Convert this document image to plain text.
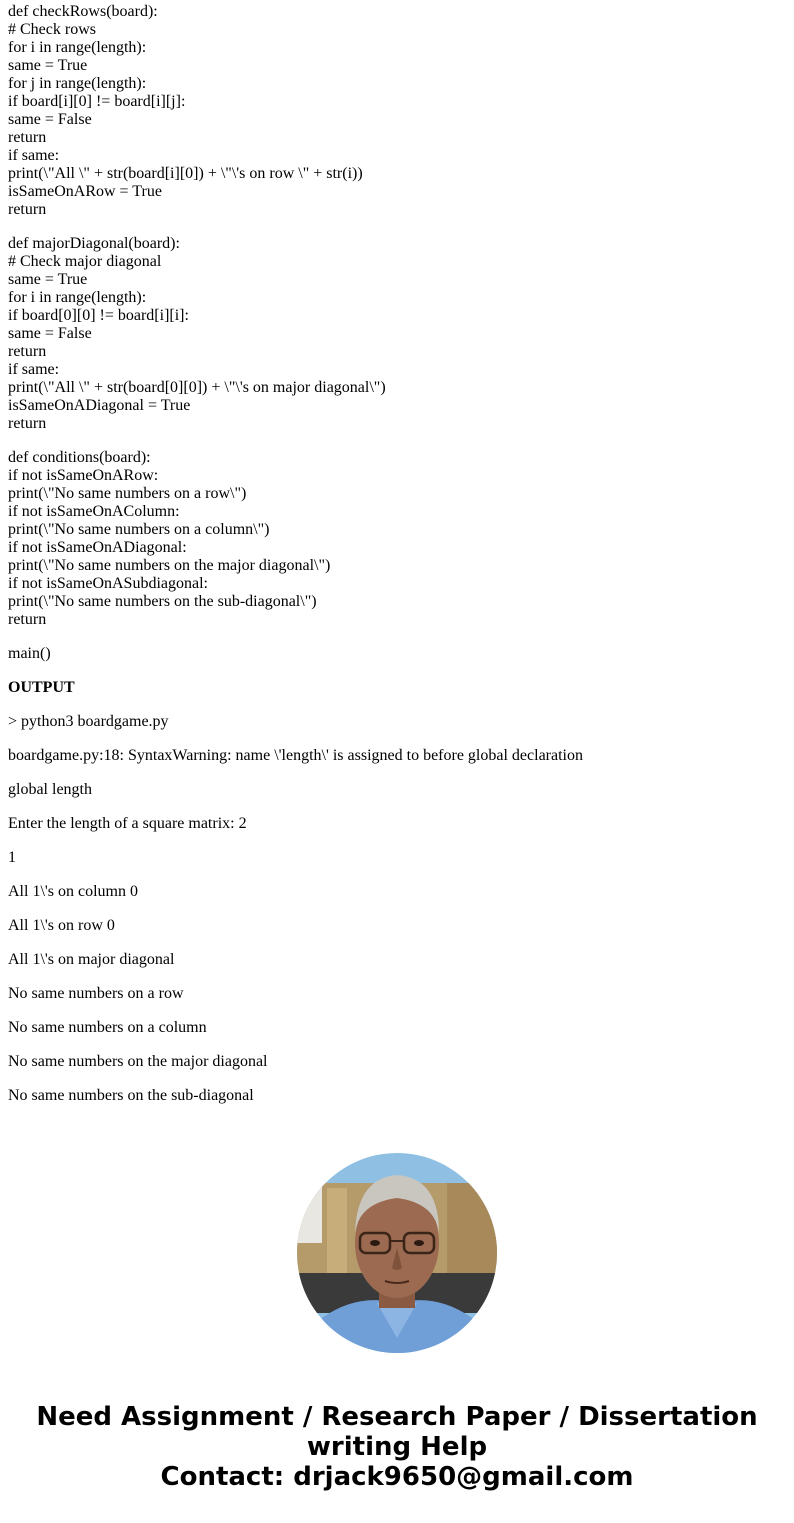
def checkRows(board):
# Check rows
for i in range(length):
same = True
for j in range(length):
if board[i][0] != board[i][j]:
same = False
return
if same:
print(\"All \" + str(board[i][0]) + \"\'s on row \" + str(i))
isSameOnARow = True
return
def majorDiagonal(board):
# Check major diagonal
same = True
for i in range(length):
if board[0][0] != board[i][i]:
same = False
return
if same:
print(\"All \" + str(board[0][0]) + \"\'s on major diagonal\")
isSameOnADiagonal = True
return
def conditions(board):
if not isSameOnARow:
print(\"No same numbers on a row\")
if not isSameOnAColumn:
print(\"No same numbers on a column\")
if not isSameOnADiagonal:
print(\"No same numbers on the major diagonal\")
if not isSameOnASubdiagonal:
print(\"No same numbers on the sub-diagonal\")
return
main()

OUTPUT

> python3 boardgame.py

boardgame.py:18: SyntaxWarning: name \'length\' is assigned to before global declaration

global length

Enter the length of a square matrix: 2

1

All 1\'s on column 0

All 1\'s on row 0

All 1\'s on major diagonal

No same numbers on a row

No same numbers on a column

No same numbers on the major diagonal

No same numbers on the sub-diagonal

Need Assignment / Research Paper / Dissertation
writing Help
Contact: drjack9650@gmail.com
